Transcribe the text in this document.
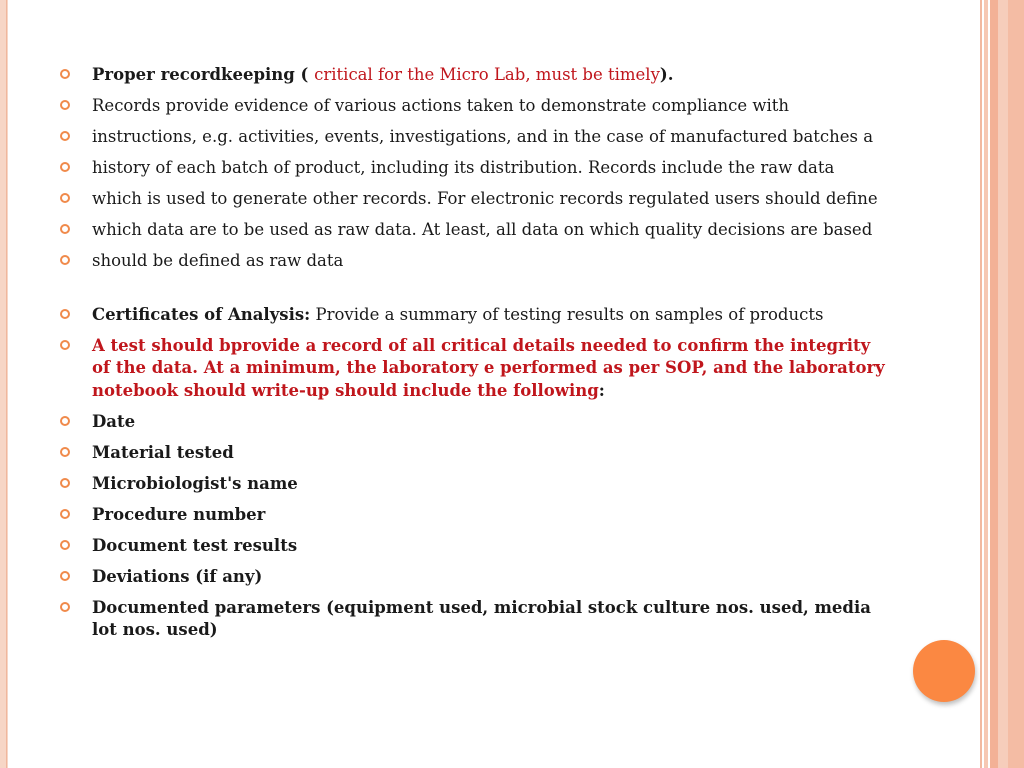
Proper recordkeeping ( critical for the Micro Lab, must be timely).
Records provide evidence of various actions taken to demonstrate compliance with
instructions, e.g. activities, events, investigations, and in the case of manufactured batches a
history of each batch of product, including its distribution. Records include the raw data
which is used to generate other records. For electronic records regulated users should define
which data are to be used as raw data. At least, all data on which quality decisions are based
should be defined as raw data
Certificates of Analysis: Provide a summary of testing results on samples of products
A test should bprovide a record of all critical details needed to confirm the integrity of the data. At a minimum, the laboratory e performed as per SOP, and the laboratory notebook should write-up should include the following:
Date
Material tested
Microbiologist's name
Procedure number
Document test results
Deviations (if any)
Documented parameters (equipment used, microbial stock culture nos. used, media lot nos. used)
